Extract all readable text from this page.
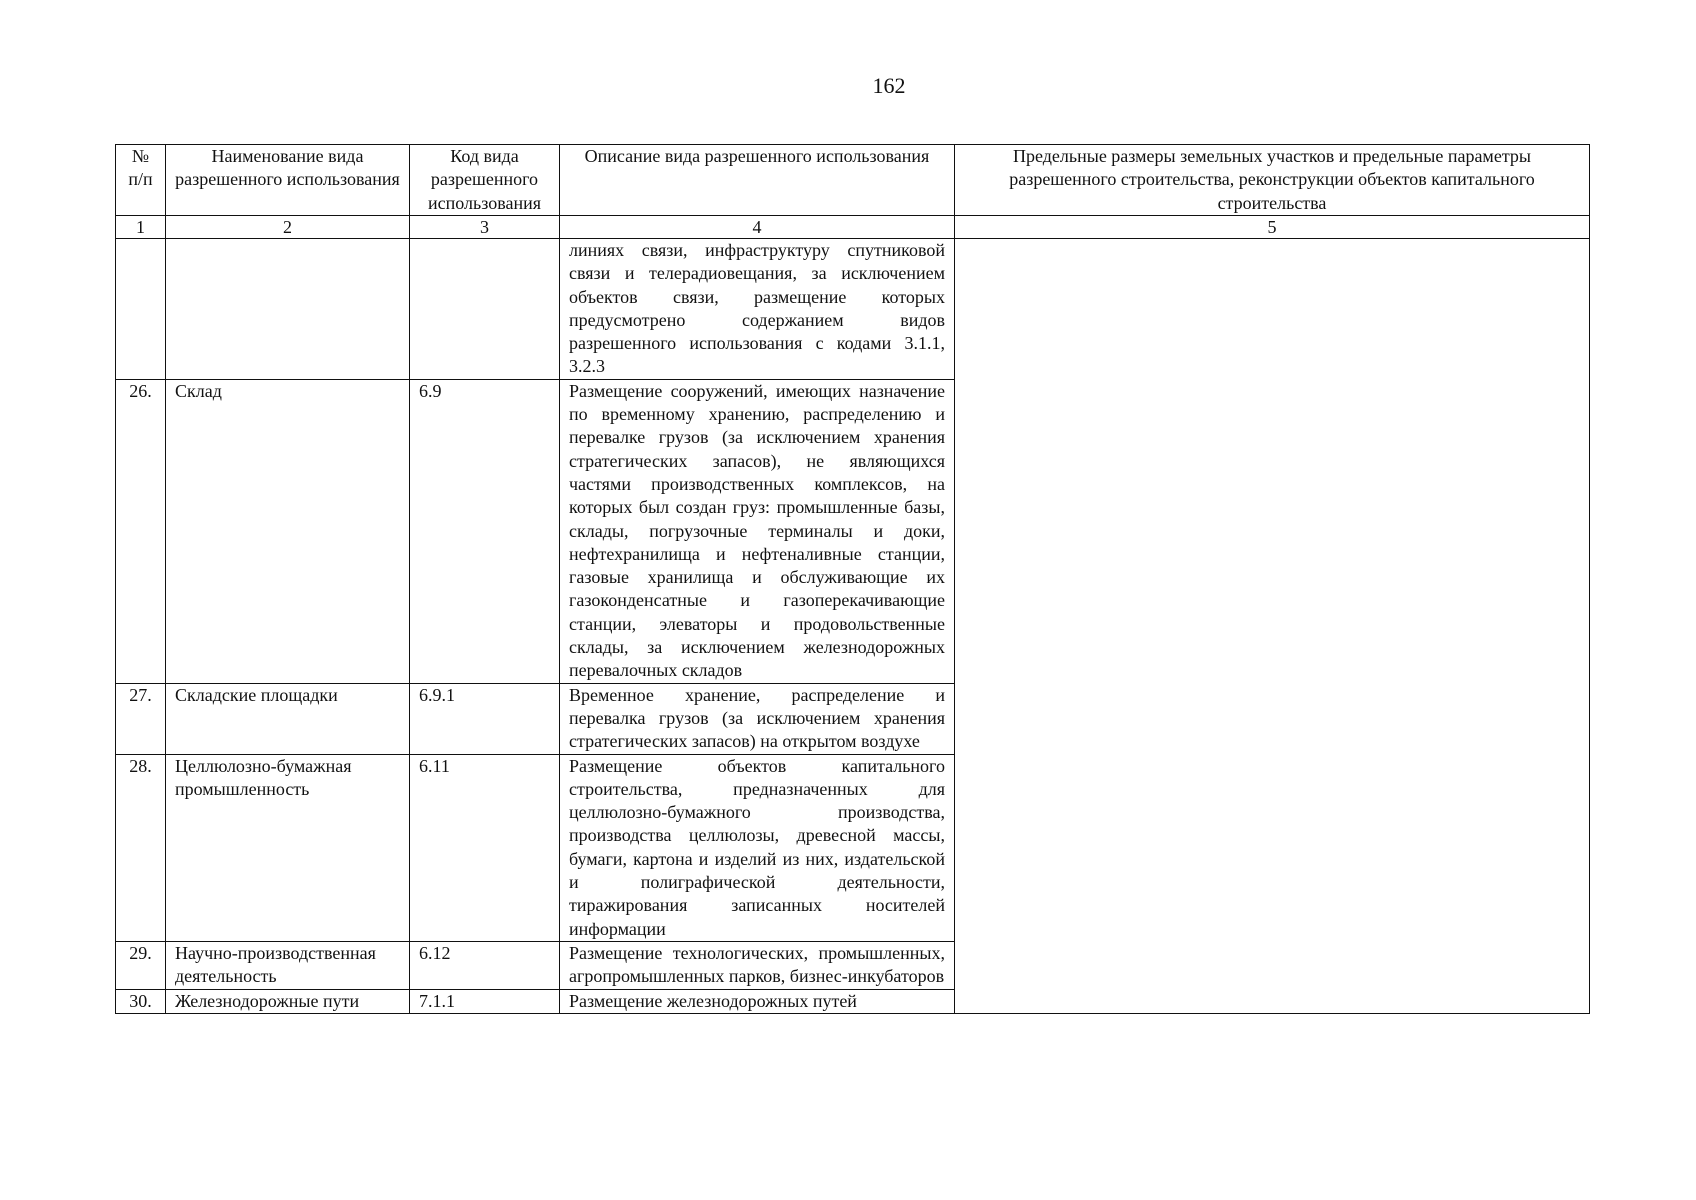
162
№ п/п	Наименование вида разрешенного использования	Код вида разрешенного использования	Описание вида разрешенного использования	Предельные размеры земельных участков и предельные параметры разрешенного строительства, реконструкции объектов капитального строительства
1	2	3	4	5
			линиях связи, инфраструктуру спутниковой связи и телерадиовещания, за исключением объектов связи, размещение которых предусмотрено содержанием видов разрешенного использования с кодами 3.1.1, 3.2.3	
26.	Склад	6.9	Размещение сооружений, имеющих назначение по временному хранению, распределению и перевалке грузов (за исключением хранения стратегических запасов), не являющихся частями производственных комплексов, на которых был создан груз: промышленные базы, склады, погрузочные терминалы и доки, нефтехранилища и нефтеналивные станции, газовые хранилища и обслуживающие их газоконденсатные и газоперекачивающие станции, элеваторы и продовольственные склады, за исключением железнодорожных перевалочных складов	
27.	Складские площадки	6.9.1	Временное хранение, распределение и перевалка грузов (за исключением хранения стратегических запасов) на открытом воздухе	
28.	Целлюлозно-бумажная промышленность	6.11	Размещение объектов капитального строительства, предназначенных для целлюлозно-бумажного производства, производства целлюлозы, древесной массы, бумаги, картона и изделий из них, издательской и полиграфической деятельности, тиражирования записанных носителей информации	
29.	Научно-производственная деятельность	6.12	Размещение технологических, промышленных, агропромышленных парков, бизнес-инкубаторов	
30.	Железнодорожные пути	7.1.1	Размещение железнодорожных путей	
